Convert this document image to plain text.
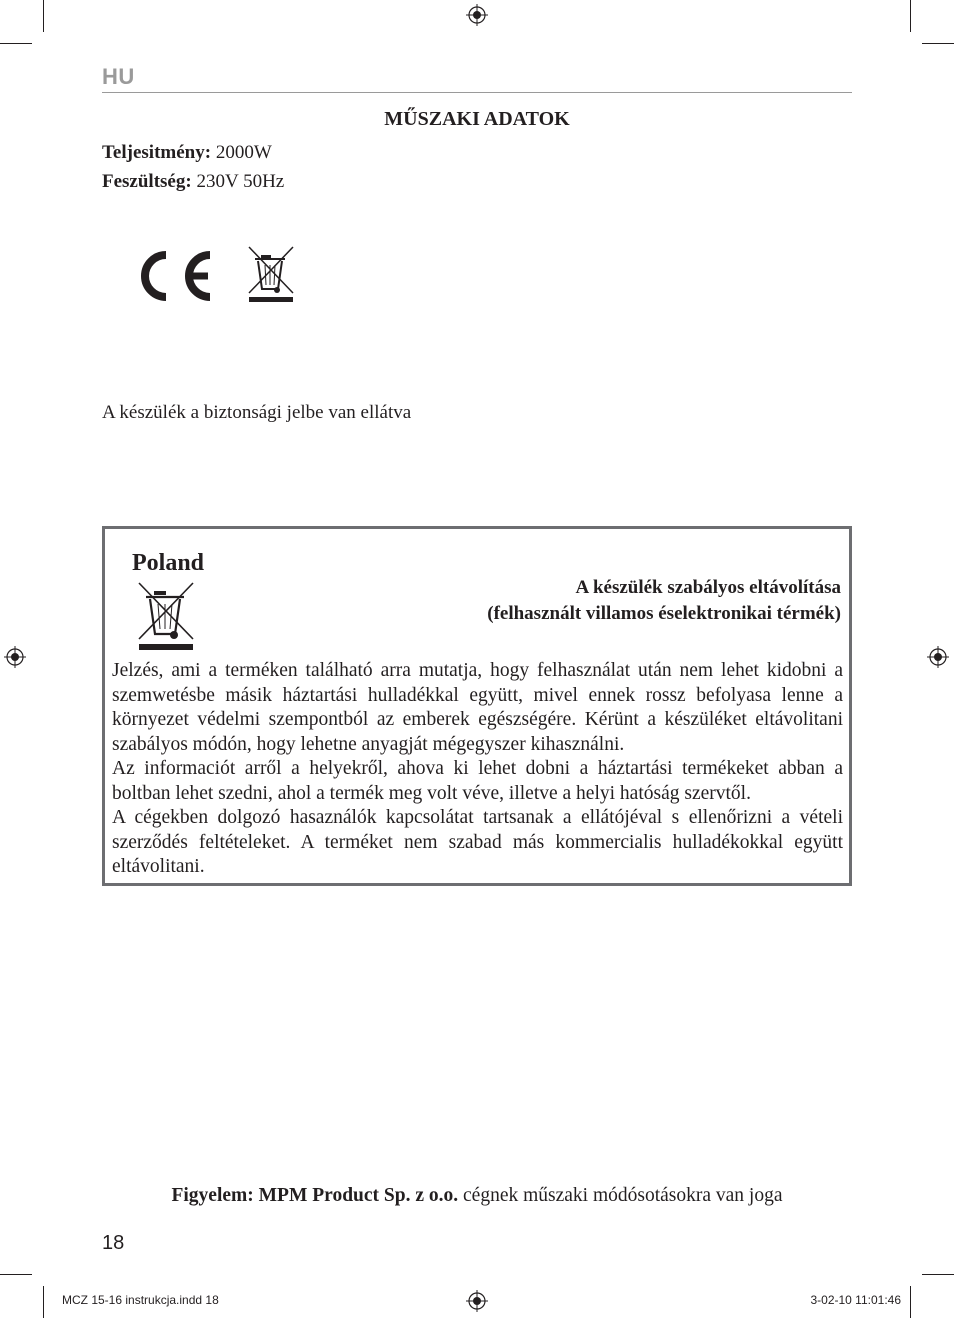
HU
MŰSZAKI ADATOK
Teljesitmény: 2000W
Feszültség: 230V 50Hz
A készülék a biztonsági jelbe van ellátva
Poland
A készülék szabályos eltávolítása
(felhasznált villamos éselektronikai térmék)

Jelzés, ami a terméken található arra mutatja, hogy felhasználat után nem lehet kidobni a szemwetésbe másik háztartási hulladékkal együtt, mivel ennek rossz befolyasa lenne a környezet védelmi szempontból az emberek egészségére. Kérünt a készüléket eltávolitani szabályos módón, hogy lehetne anyagját mégegyszer kihasználni.

Az informaciót arről a helyekről, ahova ki lehet dobni a háztartási termékeket abban a boltban lehet szedni, ahol a termék meg volt véve, illetve a helyi hatóság szervtől.

A cégekben dolgozó hasaználók kapcsolátat tartsanak a ellátójéval s ellenőrizni a vételi szerződés feltételeket. A terméket nem szabad más kommercialis hulladékokkal együtt eltávolitani.

Figyelem: MPM Product Sp. z o.o. cégnek műszaki módósotásokra van joga
18
MCZ 15-16 instrukcja.indd 18	3-02-10 11:01:46
